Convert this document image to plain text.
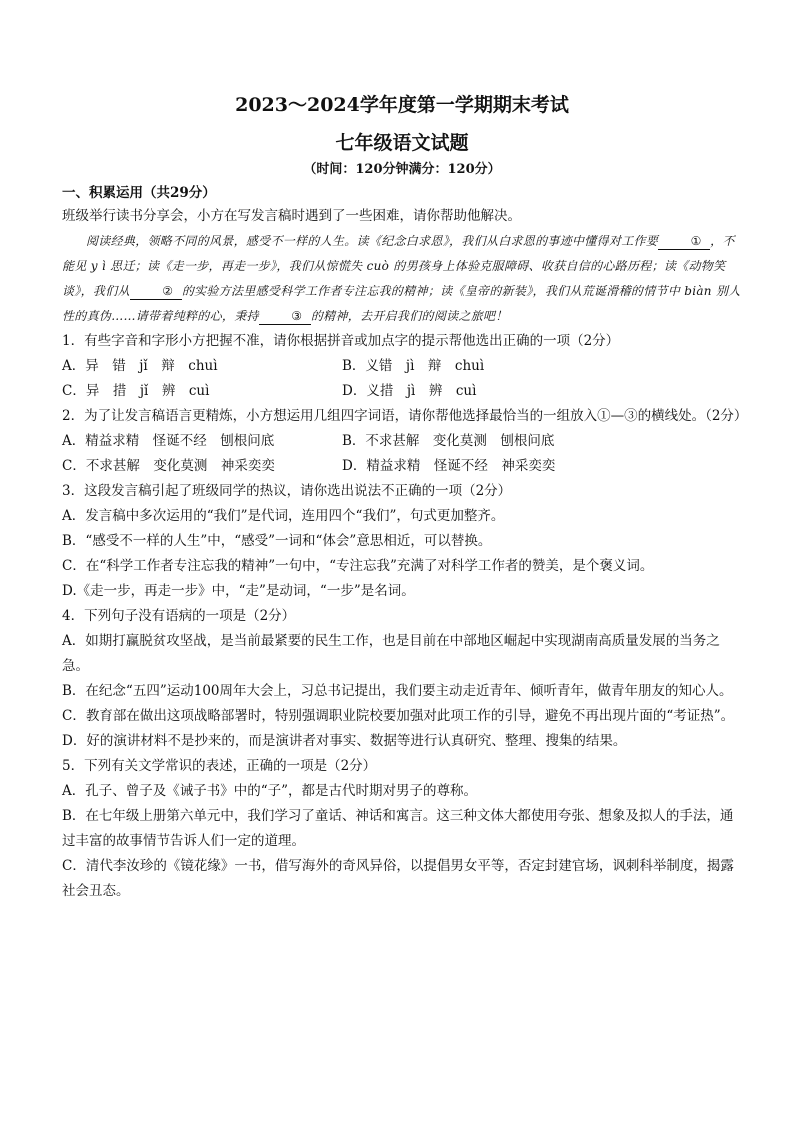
2023～2024学年度第一学期期末考试
七年级语文试题
（时间：120分钟满分：120分）
一、积累运用（共29分）
班级举行读书分享会，小方在写发言稿时遇到了一些困难，请你帮助他解决。

阅读经典，领略不同的风景，感受不一样的人生。读《纪念白求恩》，我们从白求恩的事迹中懂得对工作要	① ，不能见 y ì 思迁；读《走一步，再走一步》，我们从惊慌失 cuò 的男孩身上体验克服障碍、收获自信的心路历程；读《动物笑谈》，我们从	② 的实验方法里感受科学工作者专注忘我的精神；读《皇帝的新装》，我们从荒诞滑稽的情节中 biàn 别人性的真伪……请带着纯粹的心，秉持	③ 的精神，去开启我们的阅读之旅吧！

1．有些字音和字形小方把握不准，请你根据拼音或加点字的提示帮他选出正确的一项（2分）
A．异　错　jǐ　辩　chuì	B．义错　jì　辩　chuì
C．异　措　jǐ　辨　cuì	D．义措　jì　辨　cuì
2．为了让发言稿语言更精炼，小方想运用几组四字词语，请你帮他选择最恰当的一组放入①—③的横线处。（2分）
A．精益求精　怪诞不经　刨根问底	B．不求甚解　变化莫测　刨根问底
C．不求甚解　变化莫测　神采奕奕	D．精益求精　怪诞不经　神采奕奕
3．这段发言稿引起了班级同学的热议，请你选出说法不正确的一项（2分）
A．发言稿中多次运用的“我们”是代词，连用四个“我们”，句式更加整齐。
B．“感受不一样的人生”中，“感受”一词和“体会”意思相近，可以替换。
C．在“科学工作者专注忘我的精神”一句中，“专注忘我”充满了对科学工作者的赞美，是个褒义词。
D.《走一步，再走一步》中，“走”是动词，“一步”是名词。
4．下列句子没有语病的一项是（2分）
A．如期打赢脱贫攻坚战，是当前最紧要的民生工作，也是目前在中部地区崛起中实现湖南高质量发展的当务之急。
B．在纪念“五四”运动100周年大会上，习总书记提出，我们要主动走近青年、倾听青年，做青年朋友的知心人。
C．教育部在做出这项战略部署时，特别强调职业院校要加强对此项工作的引导，避免不再出现片面的“考证热”。
D．好的演讲材料不是抄来的，而是演讲者对事实、数据等进行认真研究、整理、搜集的结果。
5．下列有关文学常识的表述，正确的一项是（2分）
A．孔子、曾子及《诫子书》中的“子”，都是古代时期对男子的尊称。
B．在七年级上册第六单元中，我们学习了童话、神话和寓言。这三种文体大都使用夸张、想象及拟人的手法，通过丰富的故事情节告诉人们一定的道理。
C．清代李汝珍的《镜花缘》一书，借写海外的奇风异俗，以提倡男女平等，否定封建官场，讽刺科举制度，揭露社会丑态。
